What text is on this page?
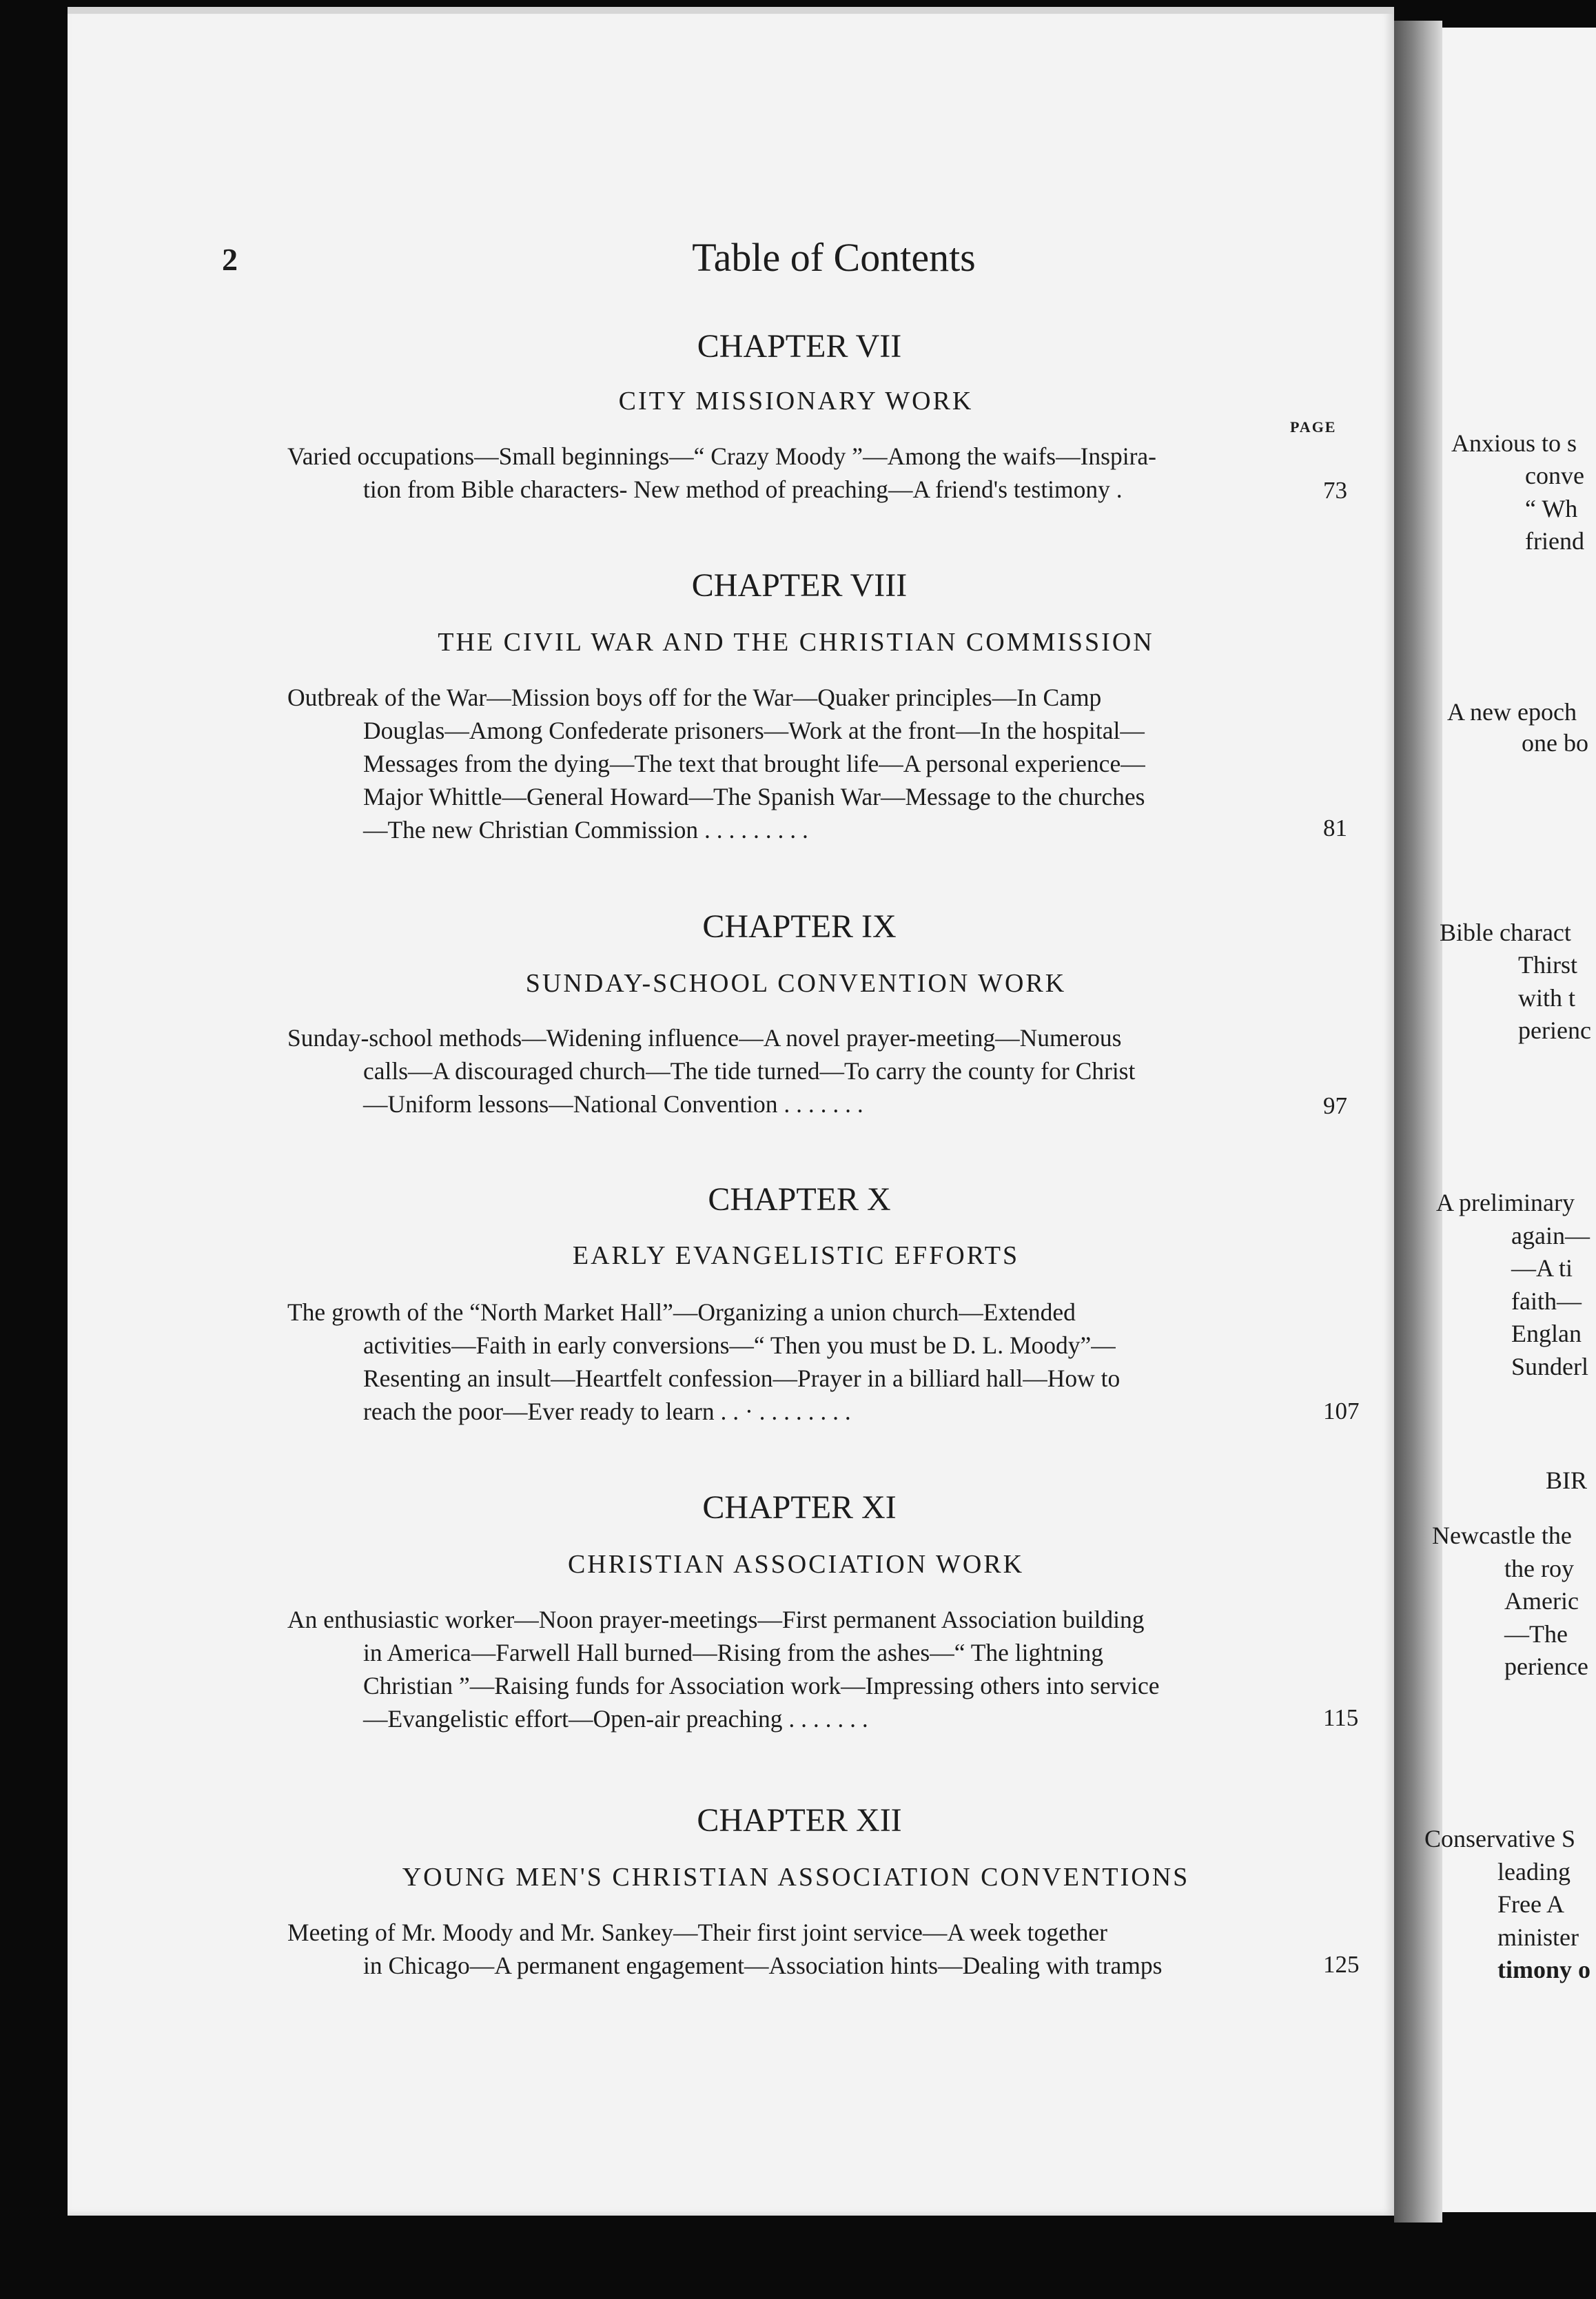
Anxious to s
conve
“ Wh
friend
A new epoch
one bo
Bible charact
Thirst
with t
perienc
A preliminary
again—
—A ti
faith—
Englan
Sunderl
BIR
Newcastle the
the roy
Americ
—The
perience
Conservative S
leading
Free A
minister
timony o
2	Table of Contents
PAGE
CHAPTER VII
CITY MISSIONARY WORK
Varied occupations—Small beginnings—“ Crazy Moody ”—Among the waifs—Inspira-
tion from Bible characters- New method of preaching—A friend's testimony .	73
CHAPTER VIII
THE CIVIL WAR AND THE CHRISTIAN COMMISSION
Outbreak of the War—Mission boys off for the War—Quaker principles—In Camp
Douglas—Among Confederate prisoners—Work at the front—In the hospital—
Messages from the dying—The text that brought life—A personal experience—
Major Whittle—General Howard—The Spanish War—Message to the churches
—The new Christian Commission . . . . . . . . .	81
CHAPTER IX
SUNDAY-SCHOOL CONVENTION WORK
Sunday-school methods—Widening influence—A novel prayer-meeting—Numerous
calls—A discouraged church—The tide turned—To carry the county for Christ
—Uniform lessons—National Convention . . . . . . .	97
CHAPTER X
EARLY EVANGELISTIC EFFORTS
The growth of the “North Market Hall”—Organizing a union church—Extended
activities—Faith in early conversions—“ Then you must be D. L. Moody”—
Resenting an insult—Heartfelt confession—Prayer in a billiard hall—How to
reach the poor—Ever ready to learn . . · . . . . . . . .	107
CHAPTER XI
CHRISTIAN ASSOCIATION WORK
An enthusiastic worker—Noon prayer-meetings—First permanent Association building
in America—Farwell Hall burned—Rising from the ashes—“ The lightning
Christian ”—Raising funds for Association work—Impressing others into service
—Evangelistic effort—Open-air preaching . . . . . . .	115
CHAPTER XII
YOUNG MEN'S CHRISTIAN ASSOCIATION CONVENTIONS
Meeting of Mr. Moody and Mr. Sankey—Their first joint service—A week together
in Chicago—A permanent engagement—Association hints—Dealing with tramps	125
